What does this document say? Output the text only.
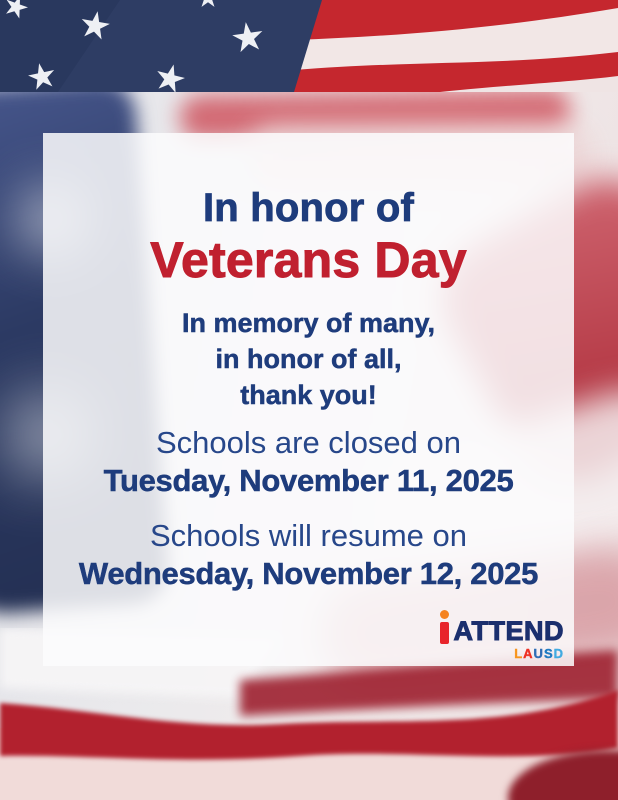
In honor of
Veterans Day
In memory of many,
in honor of all,
thank you!
Schools are closed on
Tuesday, November 11, 2025
Schools will resume on
Wednesday, November 12, 2025
ATTEND
LAUSD
